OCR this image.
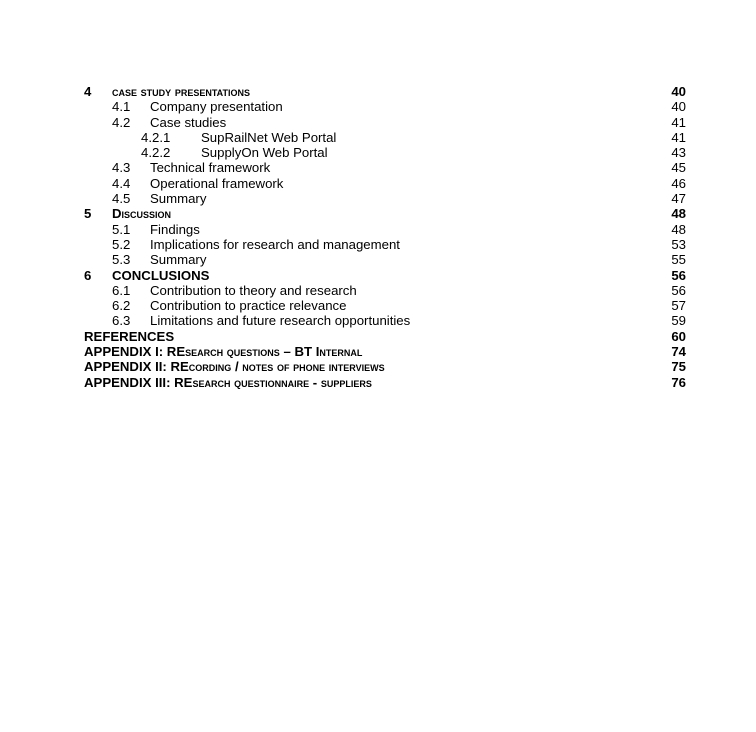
4 case study presentations	40
4.1 Company presentation	40
4.2 Case studies	41
4.2.1 SupRailNet Web Portal	41
4.2.2 SupplyOn Web Portal	43
4.3 Technical framework	45
4.4 Operational framework	46
4.5 Summary	47
5 Discussion	48
5.1 Findings	48
5.2 Implications for research and management	53
5.3 Summary	55
6 CONCLUSIONS	56
6.1 Contribution to theory and research	56
6.2 Contribution to practice relevance	57
6.3 Limitations and future research opportunities	59
REFERENCES	60
APPENDIX I: REsearch questions – BT Internal	74
APPENDIX II: REcording / notes of phone interviews	75
APPENDIX III: REsearch questionnaire - suppliers	76
